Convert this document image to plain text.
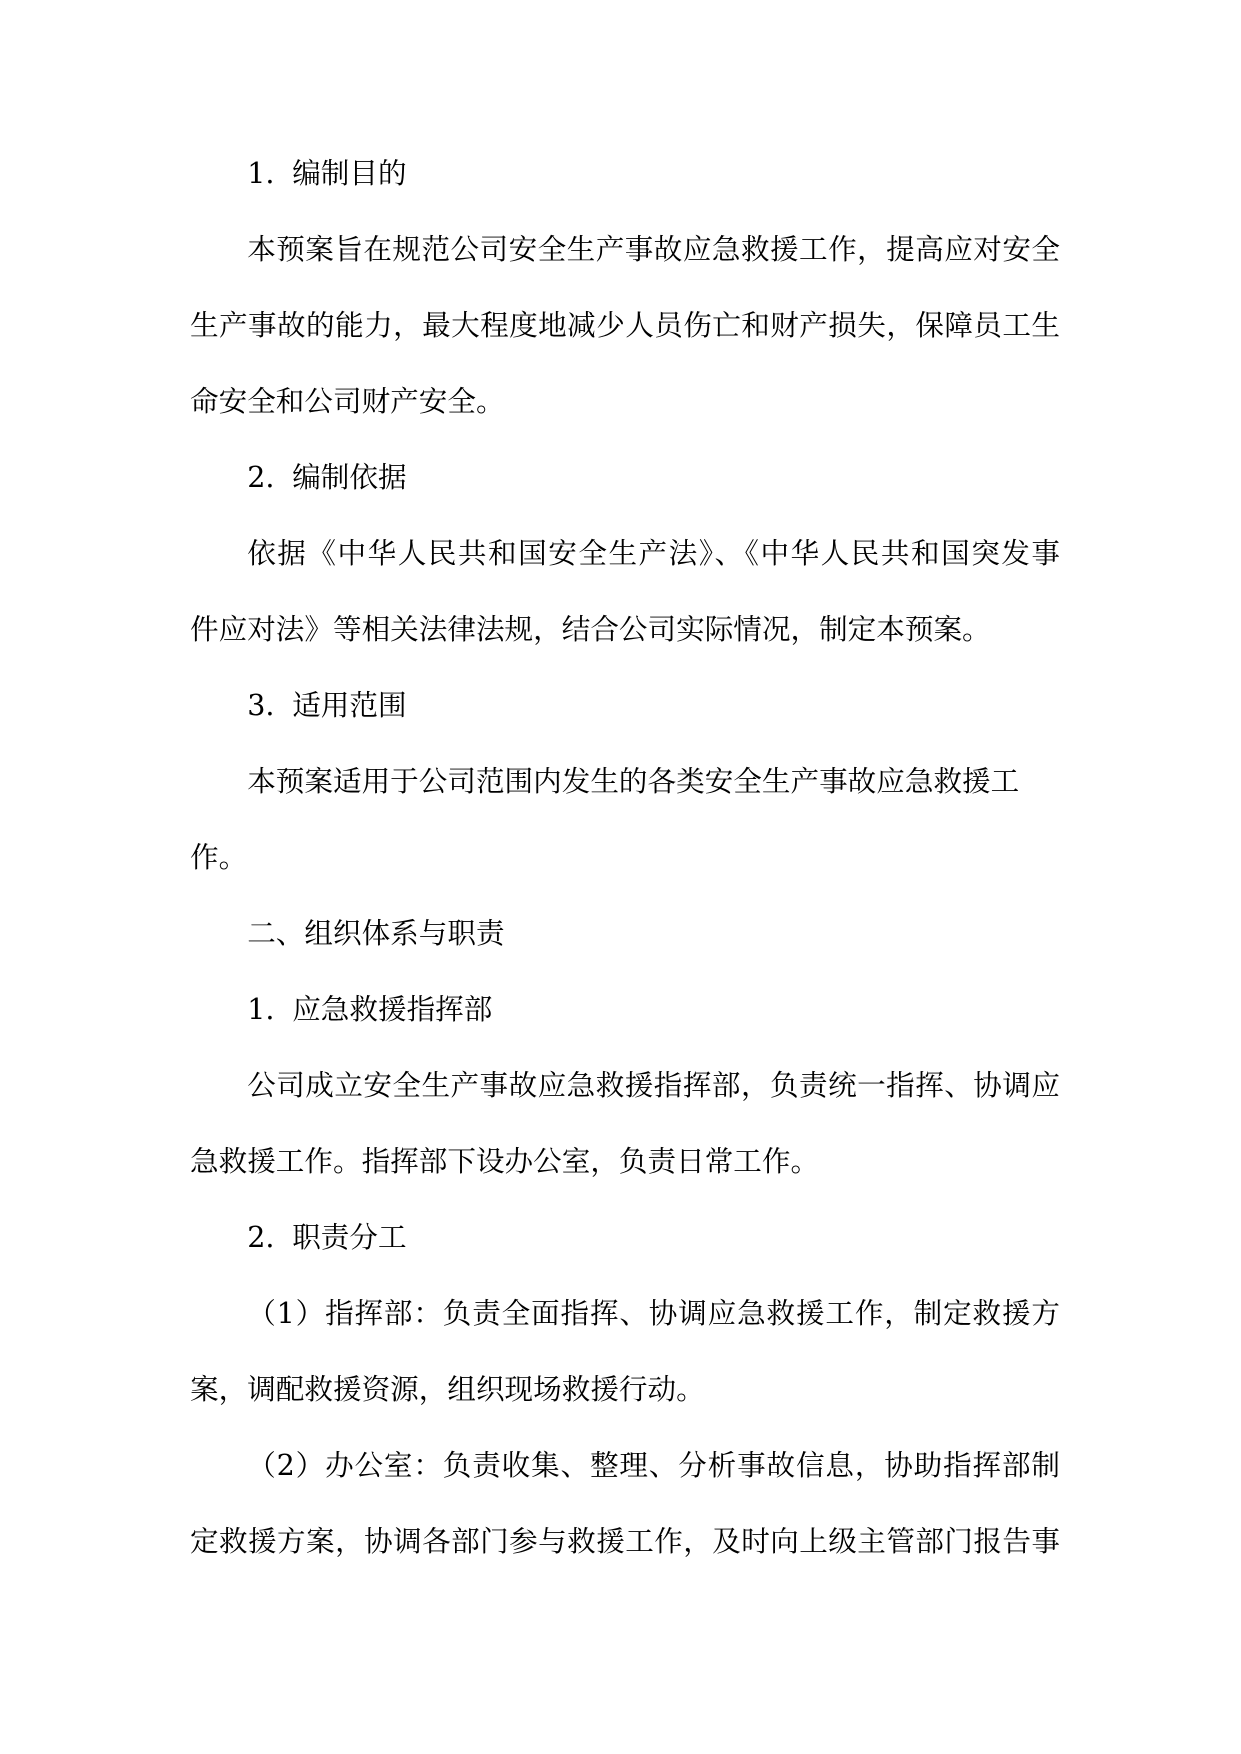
1. 编制目的
本预案旨在规范公司安全生产事故应急救援工作，提高应对安全
生产事故的能力，最大程度地减少人员伤亡和财产损失，保障员工生
命安全和公司财产安全。
2. 编制依据
依据《中华人民共和国安全生产法》、《中华人民共和国突发事
件应对法》等相关法律法规，结合公司实际情况，制定本预案。
3. 适用范围
本预案适用于公司范围内发生的各类安全生产事故应急救援工
作。
二、组织体系与职责
1. 应急救援指挥部
公司成立安全生产事故应急救援指挥部，负责统一指挥、协调应
急救援工作。指挥部下设办公室，负责日常工作。
2. 职责分工
（1）指挥部：负责全面指挥、协调应急救援工作，制定救援方
案，调配救援资源，组织现场救援行动。
（2）办公室：负责收集、整理、分析事故信息，协助指挥部制
定救援方案，协调各部门参与救援工作，及时向上级主管部门报告事
